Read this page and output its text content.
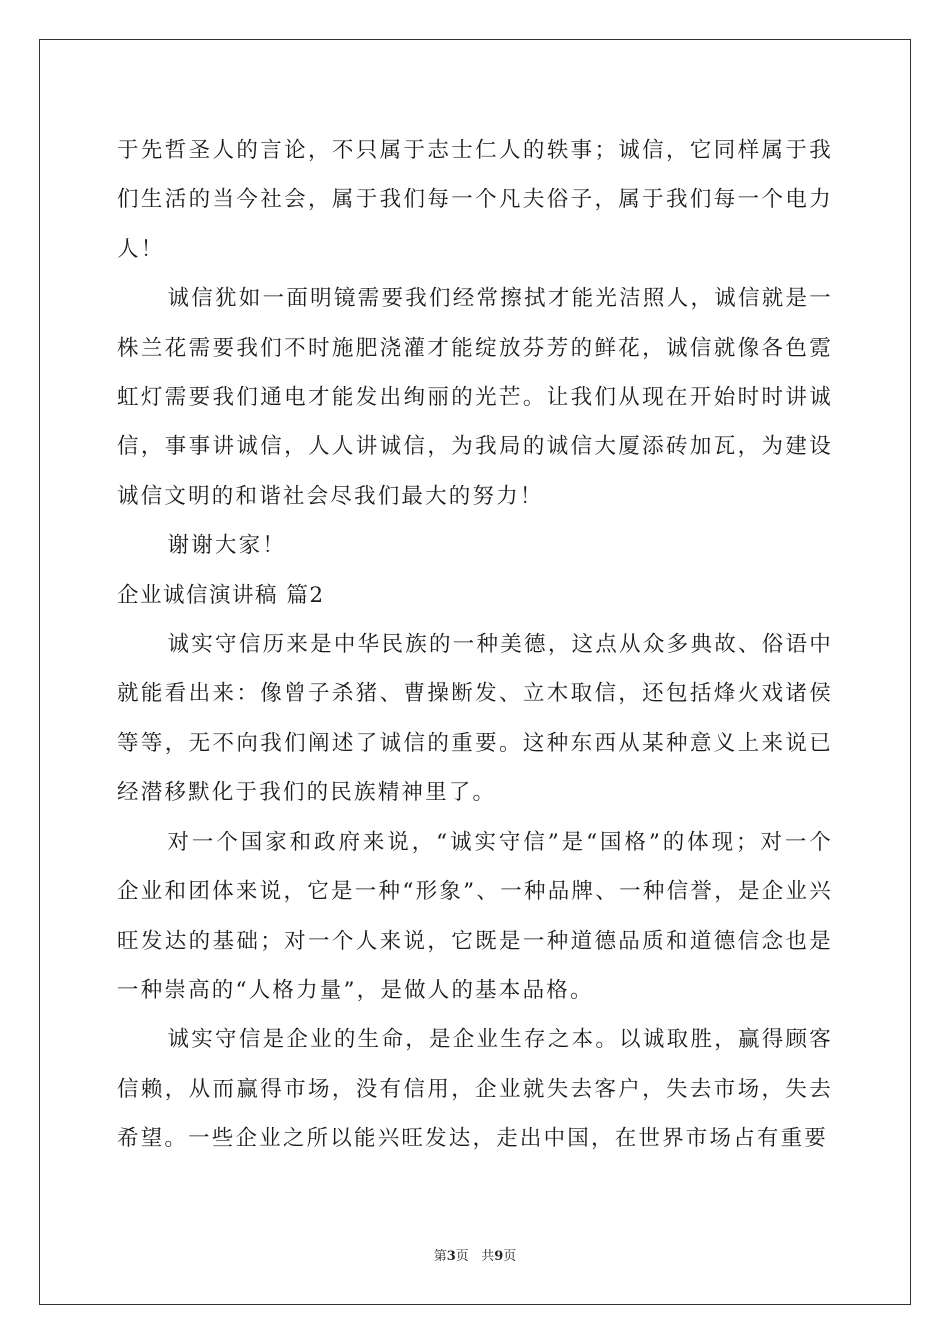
于先哲圣人的言论，不只属于志士仁人的轶事；诚信，它同样属于我们生活的当今社会，属于我们每一个凡夫俗子，属于我们每一个电力人！

诚信犹如一面明镜需要我们经常擦拭才能光洁照人，诚信就是一株兰花需要我们不时施肥浇灌才能绽放芬芳的鲜花，诚信就像各色霓虹灯需要我们通电才能发出绚丽的光芒。让我们从现在开始时时讲诚信，事事讲诚信，人人讲诚信，为我局的诚信大厦添砖加瓦，为建设诚信文明的和谐社会尽我们最大的努力！

谢谢大家！

企业诚信演讲稿 篇2

诚实守信历来是中华民族的一种美德，这点从众多典故、俗语中就能看出来：像曾子杀猪、曹操断发、立木取信，还包括烽火戏诸侯等等，无不向我们阐述了诚信的重要。这种东西从某种意义上来说已经潜移默化于我们的民族精神里了。

对一个国家和政府来说，“诚实守信”是“国格”的体现；对一个企业和团体来说，它是一种“形象”、一种品牌、一种信誉，是企业兴旺发达的基础；对一个人来说，它既是一种道德品质和道德信念也是一种崇高的“人格力量”，是做人的基本品格。

诚实守信是企业的生命，是企业生存之本。以诚取胜，赢得顾客信赖，从而赢得市场，没有信用，企业就失去客户，失去市场，失去希望。一些企业之所以能兴旺发达，走出中国，在世界市场占有重要

第3页 共9页
